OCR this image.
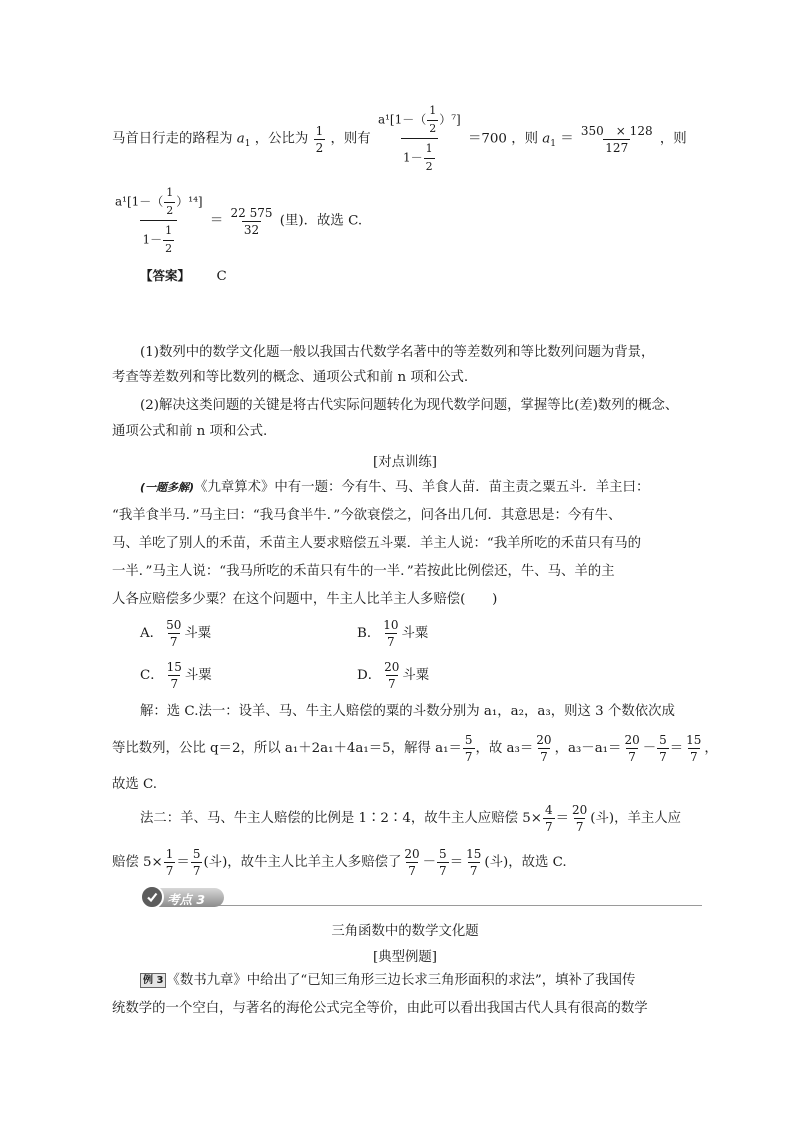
马首日行走的路程为 $a_1$ ，公比为 $\frac{1}{2}$ ，则有 $\frac{a^1[1-( \frac{1}{2} )^7]}{1- \frac{1}{2}} =700$ ，则 $a_1 = \frac{350 \times 128}{127}$ ，则
$\frac{a^1[1-( \frac{1}{2} )^{14}]}{1- \frac{1}{2}} = \frac{22 575}{32}$ (里)．故选 C.
【答案】 C
(1)数列中的数学文化题一般以我国古代数学名著中的等差数列和等比数列问题为背景，
考查等差数列和等比数列的概念、通项公式和前 n 项和公式.
(2)解决这类问题的关键是将古代实际问题转化为现代数学问题，掌握等比(差)数列的概念、
通项公式和前 n 项和公式.
[对点训练]
(一题多解)《九章算术》中有一题：今有牛、马、羊食人苗．苗主责之粟五斗．羊主曰：
“我羊食半马．”马主曰：“我马食半牛．”今欲衰偿之，问各出几何．其意思是：今有牛、
马、羊吃了别人的禾苗，禾苗主人要求赔偿五斗粟．羊主人说：“我羊所吃的禾苗只有马的
一半．”马主人说：“我马所吃的禾苗只有牛的一半．”若按此比例偿还，牛、马、羊的主
人各应赔偿多少粟？在这个问题中，牛主人比羊主人多赔偿(　　)
A． $\frac{50}{7}$ 斗粟	B． $\frac{10}{7}$ 斗粟
C． $\frac{15}{7}$ 斗粟	D． $\frac{20}{7}$ 斗粟
解：选 C.法一：设羊、马、牛主人赔偿的粟的斗数分别为 a₁，a₂，a₃，则这 3 个数依次成
等比数列，公比 q＝2，所以 a₁＋2a₁＋4a₁＝5，解得 $a_1= \frac{5}{7}$ ，故 $a_3= \frac{20}{7}$ ，$a_3-a_1= \frac{20}{7} - \frac{5}{7} = \frac{15}{7}$ ，
故选 C.
法二：羊、马、牛主人赔偿的比例是 1∶2∶4，故牛主人应赔偿 $5\times \frac{4}{7} = \frac{20}{7}$ (斗)，羊主人应
赔偿 $5\times \frac{1}{7} = \frac{5}{7}$ (斗)，故牛主人比羊主人多赔偿了 $\frac{20}{7} - \frac{5}{7} = \frac{15}{7}$ (斗)，故选 C.
考点 3
三角函数中的数学文化题
[典型例题]
例 3 《数书九章》中给出了“已知三角形三边长求三角形面积的求法”，填补了我国传
统数学的一个空白，与著名的海伦公式完全等价，由此可以看出我国古代人具有很高的数学
